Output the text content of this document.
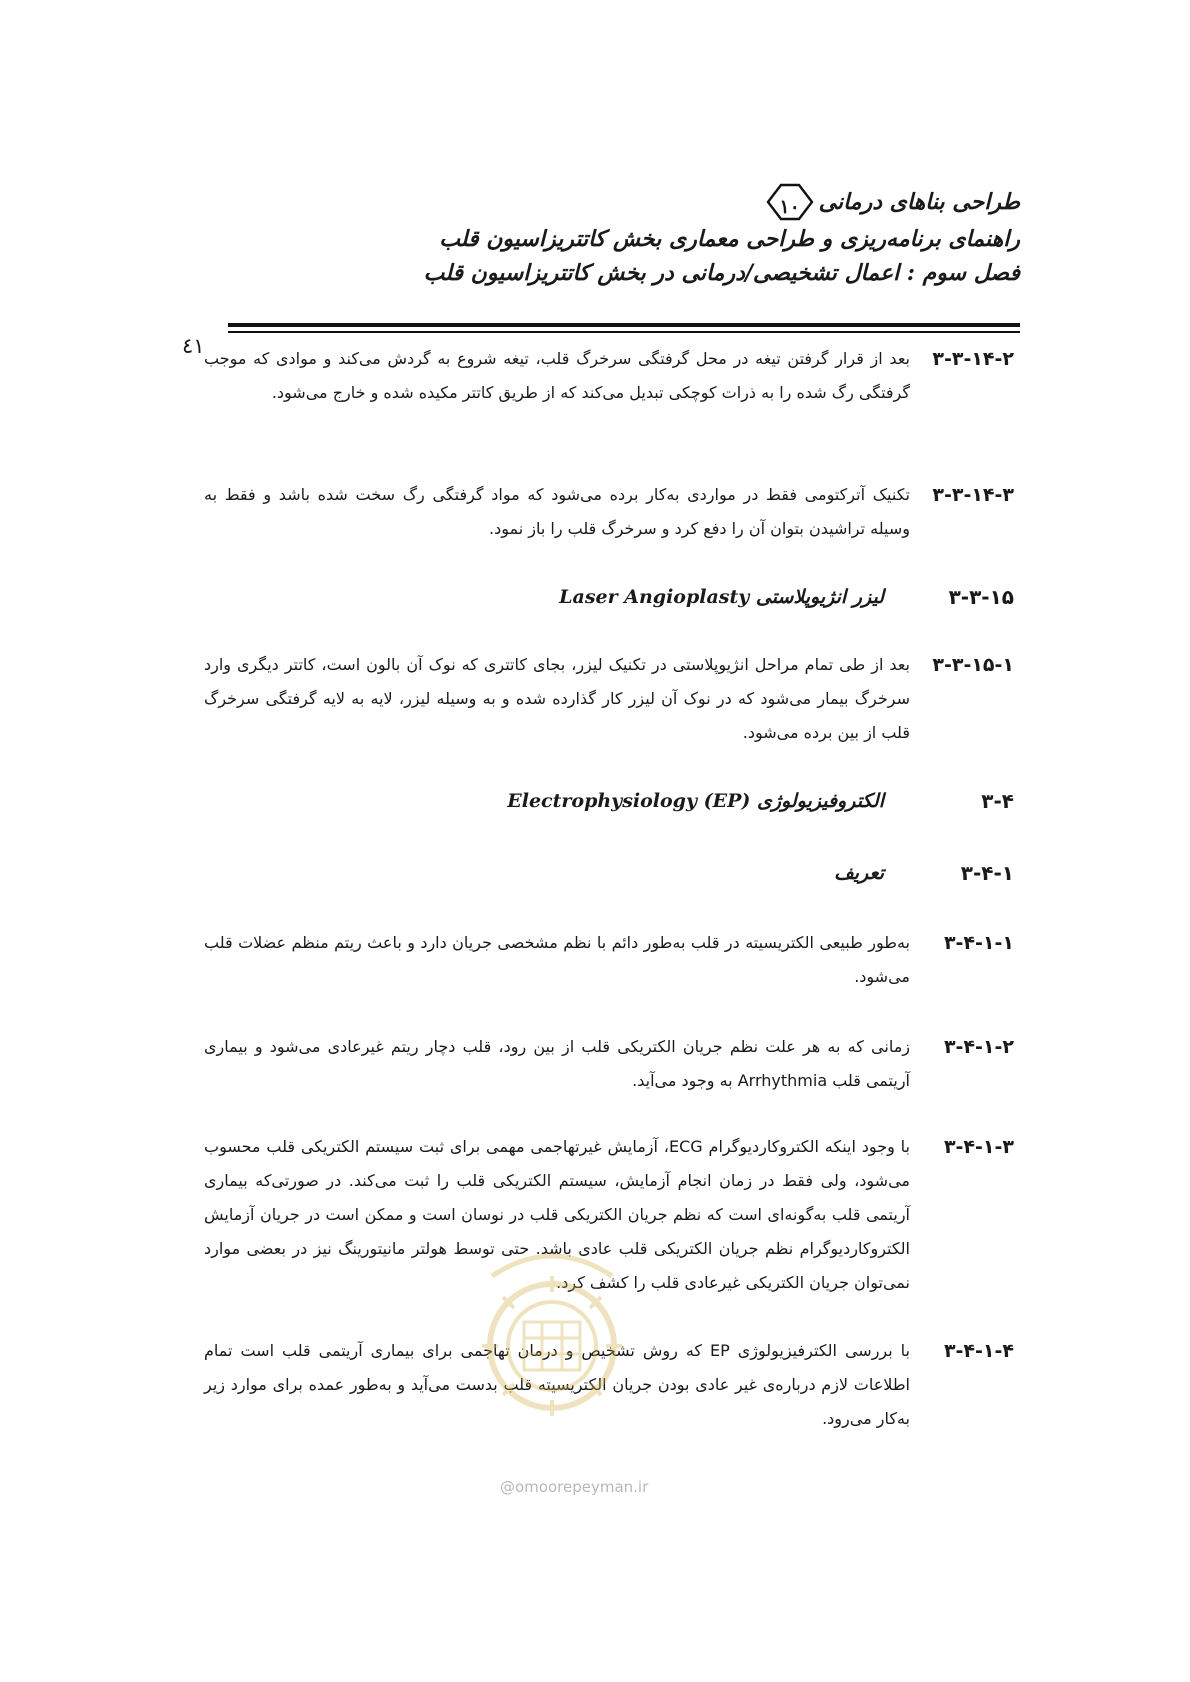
طراحی بناهای درمانی
۱۰
راهنمای برنامه‌ریزی و طراحی معماری بخش کاتتریزاسیون قلب
فصل سوم : اعمال تشخیصی/درمانی در بخش کاتتریزاسیون قلب
٤١
۳-۳-۱۴-۲
بعد از قرار گرفتن تیغه در محل گرفتگی سرخرگ قلب، تیغه شروع به گردش می‌کند و موادی که موجب گرفتگی رگ شده را به ذرات کوچکی تبدیل می‌کند که از طریق کاتتر مکیده شده و خارج می‌شود.
۳-۳-۱۴-۳
تکنیک آترکتومی فقط در مواردی به‌کار برده می‌شود که مواد گرفتگی رگ سخت شده باشد و فقط به وسیله تراشیدن بتوان آن را دفع کرد و سرخرگ قلب را باز نمود.
۳-۳-۱۵
لیزر انژیوپلاستی Laser Angioplasty
۳-۳-۱۵-۱
بعد از طی تمام مراحل انژیوپلاستی در تکنیک لیزر، بجای کاتتری که نوک آن بالون است، کاتتر دیگری وارد سرخرگ بیمار می‌شود که در نوک آن لیزر کار گذارده شده و به وسیله لیزر، لایه به لایه گرفتگی سرخرگ قلب از بین برده می‌شود.
۳-۴
الکتروفیزیولوژی Electrophysiology (EP)
۳-۴-۱
تعریف
۳-۴-۱-۱
به‌طور طبیعی الکتریسیته در قلب به‌طور دائم با نظم مشخصی جریان دارد و باعث ریتم منظم عضلات قلب می‌شود.
۳-۴-۱-۲
زمانی که به هر علت نظم جریان الکتریکی قلب از بین رود، قلب دچار ریتم غیرعادی می‌شود و بیماری آریتمی قلب Arrhythmia به وجود می‌آید.
۳-۴-۱-۳
با وجود اینکه الکتروکاردیوگرام ECG، آزمایش غیرتهاجمی مهمی برای ثبت سیستم الکتریکی قلب محسوب می‌شود، ولی فقط در زمان انجام آزمایش، سیستم الکتریکی قلب را ثبت می‌کند. در صورتی‌که بیماری آریتمی قلب به‌گونه‌ای است که نظم جریان الکتریکی قلب در نوسان است و ممکن است در جریان آزمایش الکتروکاردیوگرام نظم جریان الکتریکی قلب عادی باشد. حتی توسط هولتر مانیتورینگ نیز در بعضی موارد نمی‌توان جریان الکتریکی غیرعادی قلب را کشف کرد.
۳-۴-۱-۴
با بررسی الکترفیزیولوژی EP که روش تشخیص و درمان تهاجمی برای بیماری آریتمی قلب است تمام اطلاعات لازم درباره‌ی غیر عادی بودن جریان الکتریسیته قلب بدست می‌آید و به‌طور عمده برای موارد زیر به‌کار می‌رود.
@omoorepeyman.ir
